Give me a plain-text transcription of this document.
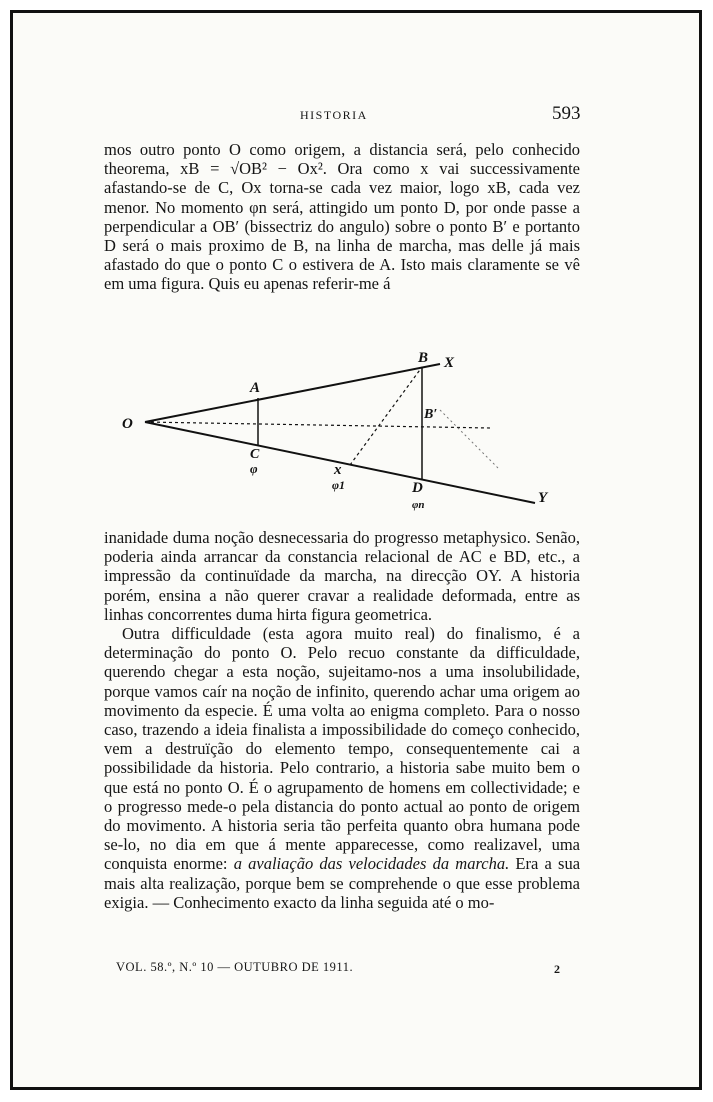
HISTORIA	593

mos outro ponto O como origem, a distancia será, pelo conhecido theorema, xB = √OB² − Ox². Ora como x vai successivamente afastando-se de C, Ox torna-se cada vez maior, logo xB, cada vez menor. No momento φn será, attingido um ponto D, por onde passe a perpendicular a OB′ (bissectriz do angulo) sobre o ponto B′ e portanto D será o mais proximo de B, na linha de marcha, mas delle já mais afastado do que o ponto C o estivera de A. Isto mais claramente se vê em uma figura. Quis eu apenas referir-me á

O
A
B X
B′
C
φ	x
φ1	D
φn	Y

inanidade duma noção desnecessaria do progresso metaphysico. Senão, poderia ainda arrancar da constancia relacional de AC e BD, etc., a impressão da continuïdade da marcha, na direcção OY. A historia porém, ensina a não querer cravar a realidade deformada, entre as linhas concorrentes duma hirta figura geometrica.

Outra difficuldade (esta agora muito real) do finalismo, é a determinação do ponto O. Pelo recuo constante da difficuldade, querendo chegar a esta noção, sujeitamo-nos a uma insolubilidade, porque vamos caír na noção de infinito, querendo achar uma origem ao movimento da especie. É uma volta ao enigma completo. Para o nosso caso, trazendo a ideia finalista a impossibilidade do começo conhecido, vem a destruïção do elemento tempo, consequentemente cai a possibilidade da historia. Pelo contrario, a historia sabe muito bem o que está no ponto O. É o agrupamento de homens em collectividade; e o progresso mede-o pela distancia do ponto actual ao ponto de origem do movimento. A historia seria tão perfeita quanto obra humana pode se-lo, no dia em que á mente apparecesse, como realizavel, uma conquista enorme: a avaliação das velocidades da marcha. Era a sua mais alta realização, porque bem se comprehende o que esse problema exigia. — Conhecimento exacto da linha seguida até o mo-

VOL. 58.º, N.º 10 — OUTUBRO DE 1911.	2
